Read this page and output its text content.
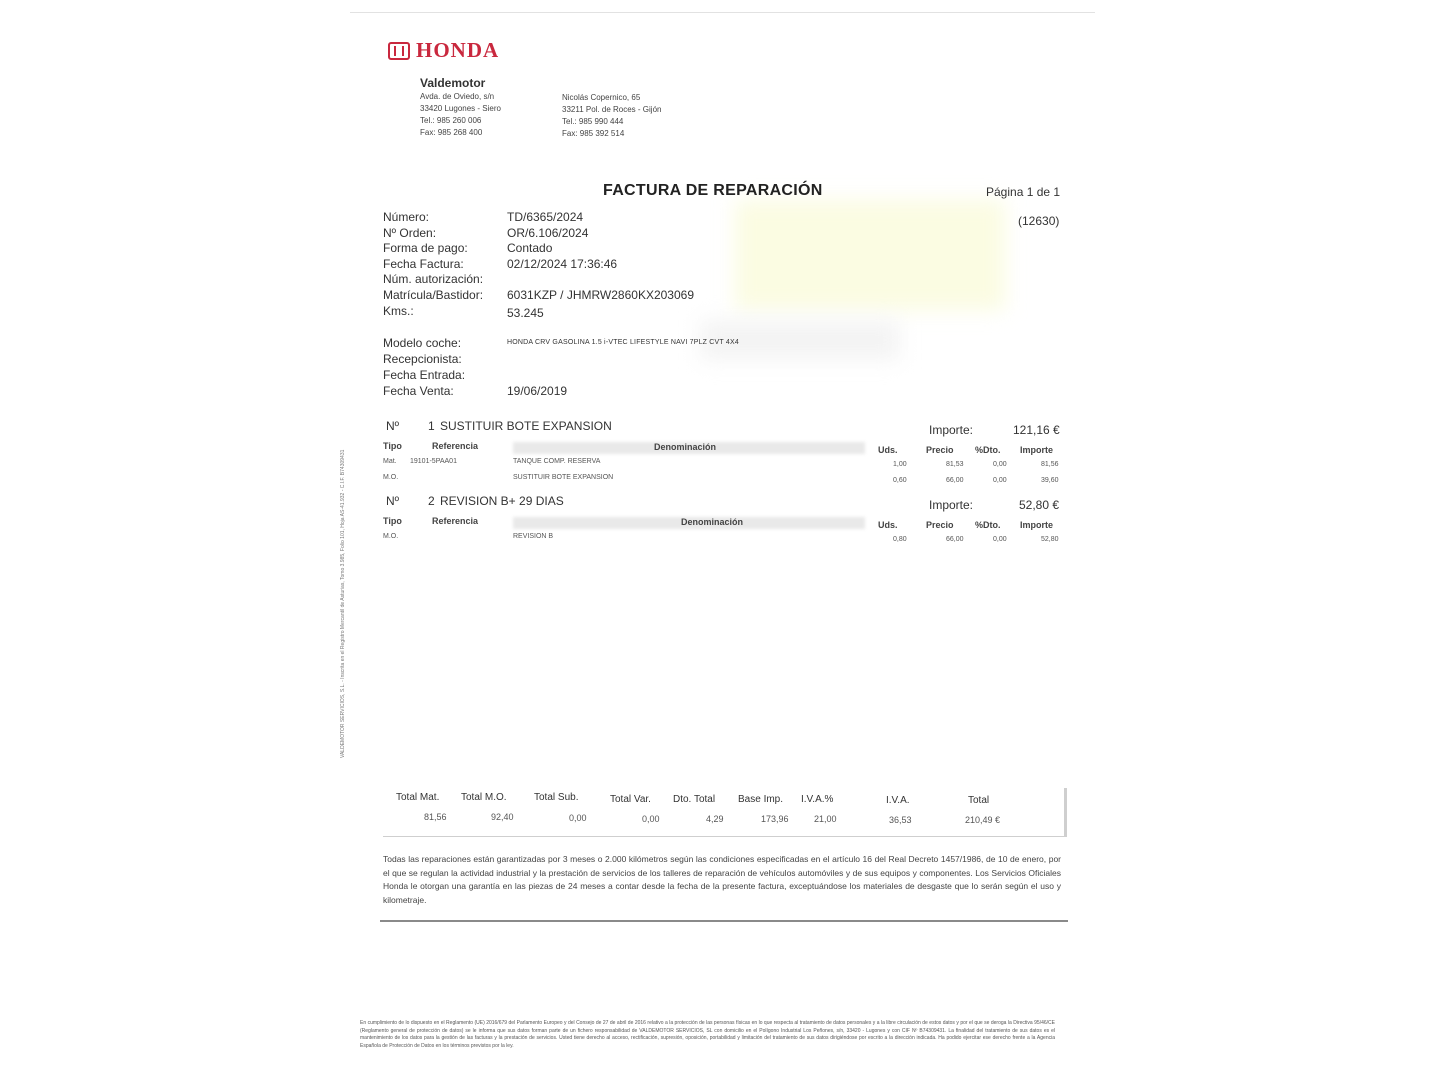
HONDA
Valdemotor
Avda. de Oviedo, s/n
33420 Lugones - Siero
Tel.: 985 260 006
Fax: 985 268 400
Nicolás Copernico, 65
33211 Pol. de Roces - Gijón
Tel.: 985 990 444
Fax: 985 392 514
FACTURA DE REPARACIÓN	Página 1 de 1
(12630)
Número:	TD/6365/2024
Nº Orden:	OR/6.106/2024
Forma de pago:	Contado
Fecha Factura:	02/12/2024 17:36:46
Núm. autorización:
Matrícula/Bastidor:	6031KZP / JHMRW2860KX203069
Kms.:	53.245
Modelo coche:	HONDA CRV GASOLINA 1.5 i-VTEC LIFESTYLE NAVI 7PLZ CVT 4X4
Recepcionista:
Fecha Entrada:
Fecha Venta:	19/06/2019
Nº	1 SUSTITUIR BOTE EXPANSION	Importe:	121,16 €
Tipo	Referencia	Denominación	Uds.	Precio %Dto. Importe
Mat. 19101-5PAA01	TANQUE COMP. RESERVA	1,00	81,53	0,00	81,56
M.O.	SUSTITUIR BOTE EXPANSION	0,60	66,00	0,00	39,60
Nº	2 REVISION B+ 29 DIAS	Importe:	52,80 €
Tipo	Referencia	Denominación	Uds.	Precio %Dto. Importe
M.O.	REVISION B	0,80	66,00	0,00	52,80
Total Mat. Total M.O.	Total Sub.	Total Var. Dto. Total Base Imp. I.V.A.%	I.V.A.	Total
81,56	92,40	0,00	0,00	4,29	173,96	21,00	36,53	210,49 €
Todas las reparaciones están garantizadas por 3 meses o 2.000 kilómetros según las condiciones especificadas en el artículo 16 del Real Decreto 1457/1986, de 10 de enero, por el que se regulan la actividad industrial y la prestación de servicios de los talleres de reparación de vehículos automóviles y de sus equipos y componentes. Los Servicios Oficiales Honda le otorgan una garantía en las piezas de 24 meses a contar desde la fecha de la presente factura, exceptuándose los materiales de desgaste que lo serán según el uso y kilometraje.
En cumplimiento de lo dispuesto en el Reglamento (UE) 2016/679 del Parlamento Europeo y del Consejo de 27 de abril de 2016 relativo a la protección de las personas físicas en lo que respecta al tratamiento de datos personales y a la libre circulación de estos datos y por el que se deroga la Directiva 95/46/CE (Reglamento general de protección de datos) se le informa que sus datos forman parte de un fichero responsabilidad de VALDEMOTOR SERVICIOS, SL con domicilio en el Polígono Industrial Los Peñones, s/n, 33420 - Lugones y con CIF Nº B74309431. La finalidad del tratamiento de sus datos es el mantenimiento de los datos para la gestión de las facturas y la prestación de servicios. Usted tiene derecho al acceso, rectificación, supresión, oposición, portabilidad y limitación del tratamiento de sus datos dirigiéndose por escrito a la dirección indicada. Ha podido ejercitar ese derecho frente a la Agencia Española de Protección de Datos en los términos previstos por la ley.
VALDEMOTOR SERVICIOS, S.L. - Inscrita en el Registro Mercantil de Asturias, Tomo 3.985, Folio 101, Hoja AS-41.932 - C.I.F. B74309431
